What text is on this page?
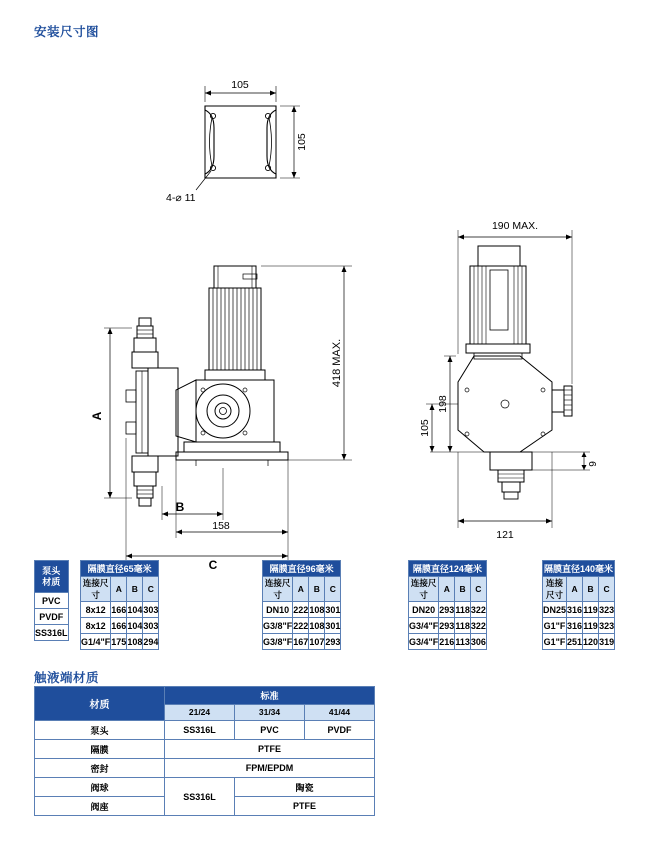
安装尺寸图
105
105
4-⌀ 11
418 MAX.
A
B
158
C
190 MAX.
198
105
9
121
泵头
材质

PVC
PVDF
SS316L
隔膜直径65毫米			
连接尺寸	A	B	C
8x12	166	104	303
8x12	166	104	303
G1/4"F	175	108	294
隔膜直径96毫米			
连接尺寸	A	B	C
DN10	222	108	301
G3/8"F	222	108	301
G3/8"F	167	107	293
隔膜直径124毫米			
连接尺寸	A	B	C
DN20	293	118	322
G3/4"F	293	118	322
G3/4"F	216	113	306
隔膜直径140毫米			
连接尺寸	A	B	C
DN25	316	119	323
G1"F	316	119	323
G1"F	251	120	319
触液端材质
材质	标准		
	21/24	31/34	41/44
泵头	SS316L	PVC	PVDF
隔膜	PTFE		
密封	FPM/EPDM		
阀球	SS316L	陶瓷	
阀座		PTFE	
